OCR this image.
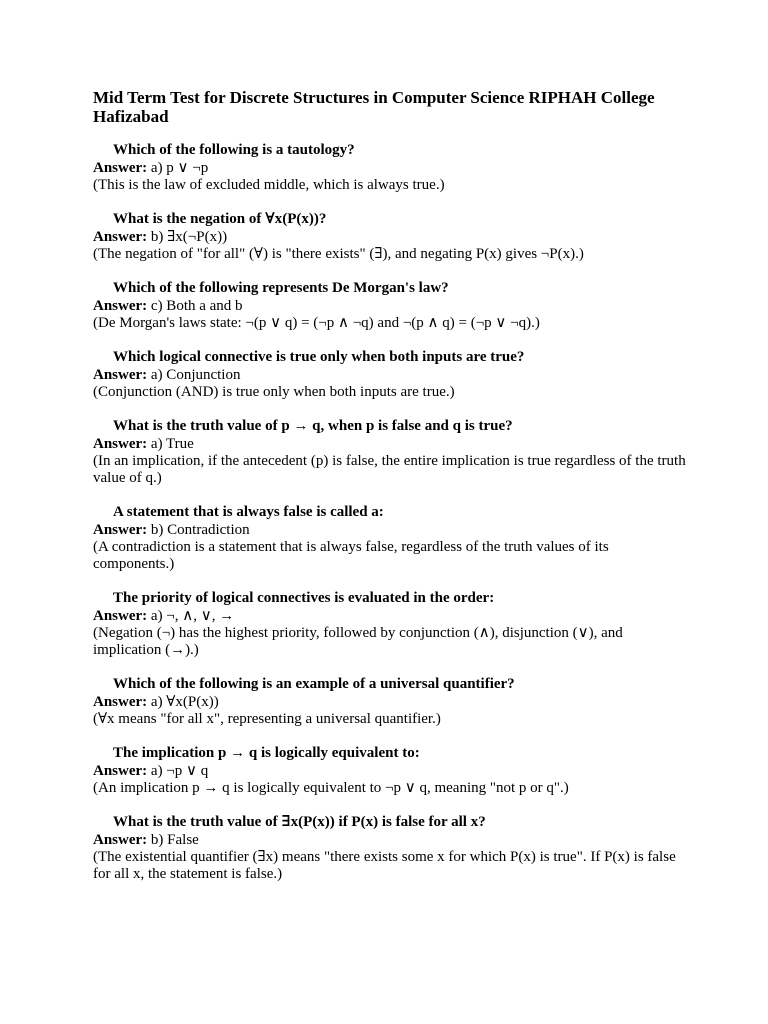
Mid Term Test for Discrete Structures in Computer Science RIPHAH College Hafizabad
Which of the following is a tautology?
Answer: a) p ∨ ¬p
(This is the law of excluded middle, which is always true.)
What is the negation of ∀x(P(x))?
Answer: b) ∃x(¬P(x))
(The negation of "for all" (∀) is "there exists" (∃), and negating P(x) gives ¬P(x).)
Which of the following represents De Morgan's law?
Answer: c) Both a and b
(De Morgan's laws state: ¬(p ∨ q) = (¬p ∧ ¬q) and ¬(p ∧ q) = (¬p ∨ ¬q).)
Which logical connective is true only when both inputs are true?
Answer: a) Conjunction
(Conjunction (AND) is true only when both inputs are true.)
What is the truth value of p → q, when p is false and q is true?
Answer: a) True
(In an implication, if the antecedent (p) is false, the entire implication is true regardless of the truth value of q.)
A statement that is always false is called a:
Answer: b) Contradiction
(A contradiction is a statement that is always false, regardless of the truth values of its components.)
The priority of logical connectives is evaluated in the order:
Answer: a) ¬, ∧, ∨, →
(Negation (¬) has the highest priority, followed by conjunction (∧), disjunction (∨), and implication (→).)
Which of the following is an example of a universal quantifier?
Answer: a) ∀x(P(x))
(∀x means "for all x", representing a universal quantifier.)
The implication p → q is logically equivalent to:
Answer: a) ¬p ∨ q
(An implication p → q is logically equivalent to ¬p ∨ q, meaning "not p or q".)
What is the truth value of ∃x(P(x)) if P(x) is false for all x?
Answer: b) False
(The existential quantifier (∃x) means "there exists some x for which P(x) is true". If P(x) is false for all x, the statement is false.)
